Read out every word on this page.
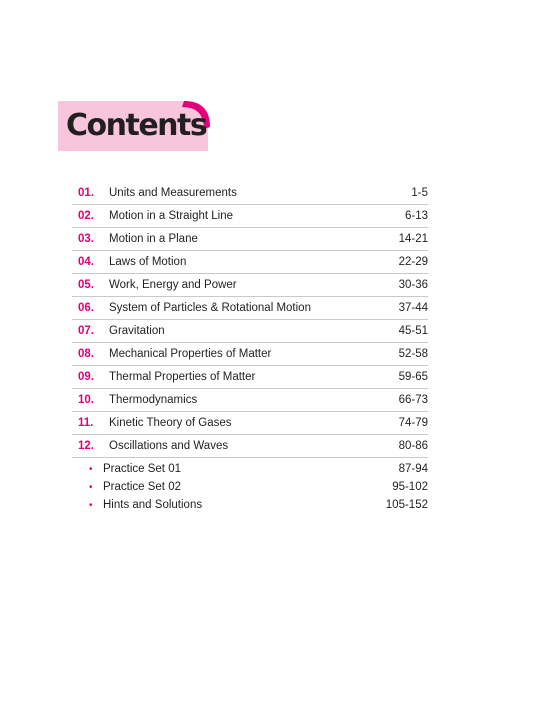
Contents
01.	Units and Measurements	1-5
02.	Motion in a Straight Line	6-13
03.	Motion in a Plane	14-21
04.	Laws of Motion	22-29
05.	Work, Energy and Power	30-36
06.	System of Particles & Rotational Motion	37-44
07.	Gravitation	45-51
08.	Mechanical Properties of Matter	52-58
09.	Thermal Properties of Matter	59-65
10.	Thermodynamics	66-73
11.	Kinetic Theory of Gases	74-79
12.	Oscillations and Waves	80-86
• Practice Set 01	87-94
• Practice Set 02	95-102
• Hints and Solutions	105-152
